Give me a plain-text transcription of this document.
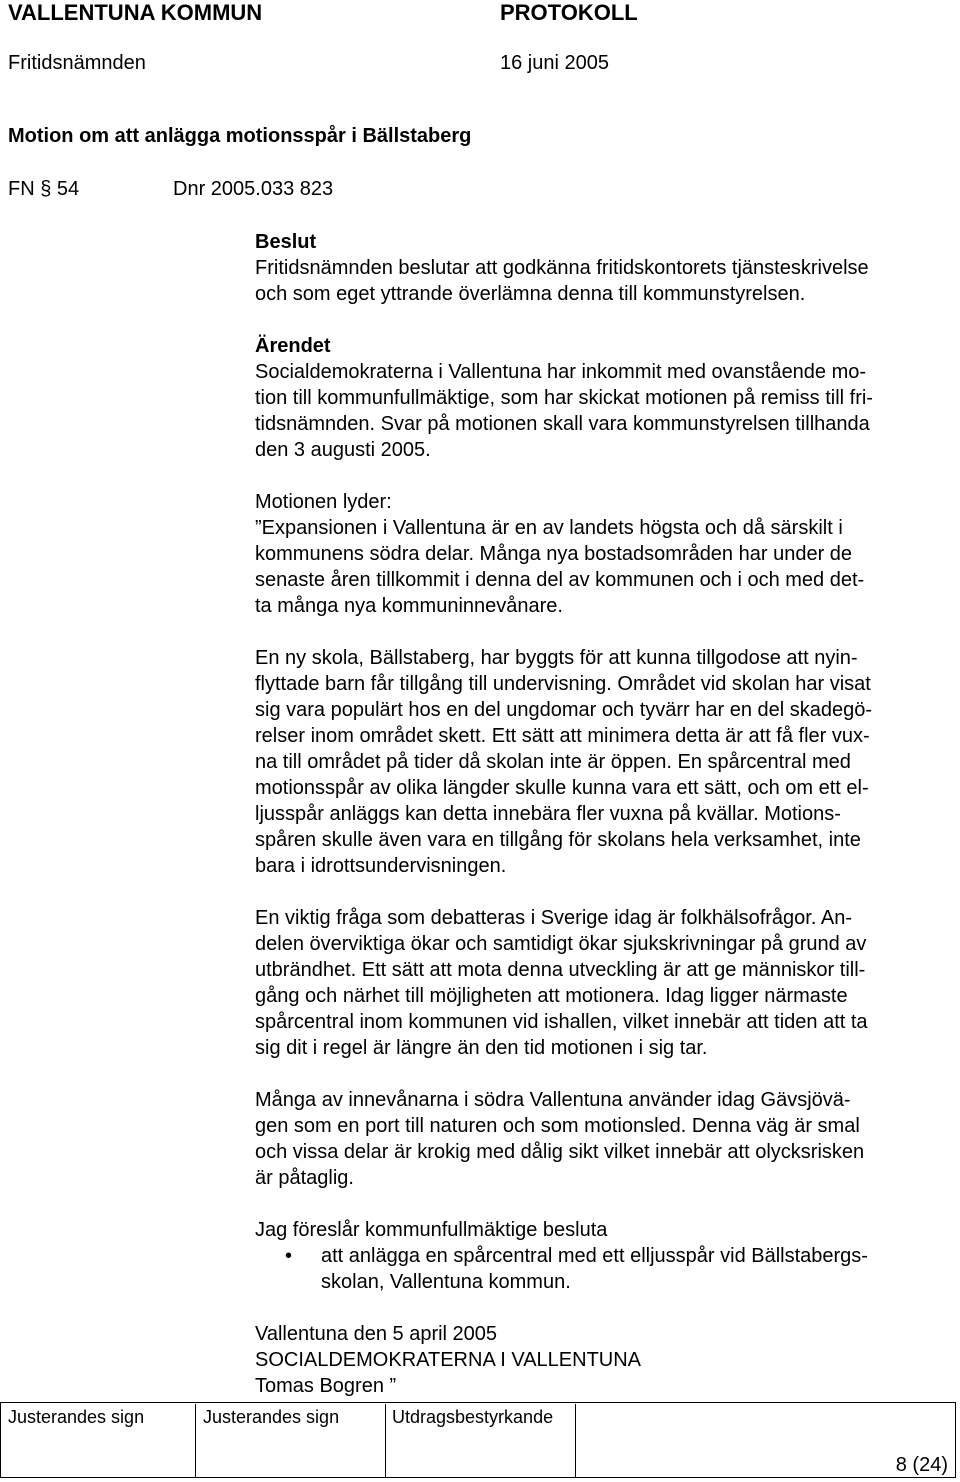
VALLENTUNA KOMMUN	PROTOKOLL
Fritidsnämnden	16 juni 2005
Motion om att anlägga motionsspår i Bällstaberg
FN § 54	Dnr 2005.033 823

Beslut

Fritidsnämnden beslutar att godkänna fritidskontorets tjänsteskrivelse
och som eget yttrande överlämna denna till kommunstyrelsen.

Ärendet

Socialdemokraterna i Vallentuna har inkommit med ovanstående mo-
tion till kommunfullmäktige, som har skickat motionen på remiss till fri-
tidsnämnden. Svar på motionen skall vara kommunstyrelsen tillhanda
den 3 augusti 2005.

Motionen lyder:

”Expansionen i Vallentuna är en av landets högsta och då särskilt i
kommunens södra delar. Många nya bostadsområden har under de
senaste åren tillkommit i denna del av kommunen och i och med det-
ta många nya kommuninnevånare.
En ny skola, Bällstaberg, har byggts för att kunna tillgodose att nyin-
flyttade barn får tillgång till undervisning. Området vid skolan har visat
sig vara populärt hos en del ungdomar och tyvärr har en del skadegö-
relser inom området skett. Ett sätt att minimera detta är att få fler vux-
na till området på tider då skolan inte är öppen. En spårcentral med
motionsspår av olika längder skulle kunna vara ett sätt, och om ett el-
ljusspår anläggs kan detta innebära fler vuxna på kvällar. Motions-
spåren skulle även vara en tillgång för skolans hela verksamhet, inte
bara i idrottsundervisningen.
En viktig fråga som debatteras i Sverige idag är folkhälsofrågor. An-
delen överviktiga ökar och samtidigt ökar sjukskrivningar på grund av
utbrändhet. Ett sätt att mota denna utveckling är att ge människor till-
gång och närhet till möjligheten att motionera. Idag ligger närmaste
spårcentral inom kommunen vid ishallen, vilket innebär att tiden att ta
sig dit i regel är längre än den tid motionen i sig tar.
Många av innevånarna i södra Vallentuna använder idag Gävsjövä-
gen som en port till naturen och som motionsled. Denna väg är smal
och vissa delar är krokig med dålig sikt vilket innebär att olycksrisken
är påtaglig.

Jag föreslår kommunfullmäktige besluta

• att anlägga en spårcentral med ett elljusspår vid Bällstabergs-
skolan, Vallentuna kommun.
Vallentuna den 5 april 2005
SOCIALDEMOKRATERNA I VALLENTUNA
Tomas Bogren ”
Justerandes sign	Justerandes sign	Utdragsbestyrkande
8 (24)
